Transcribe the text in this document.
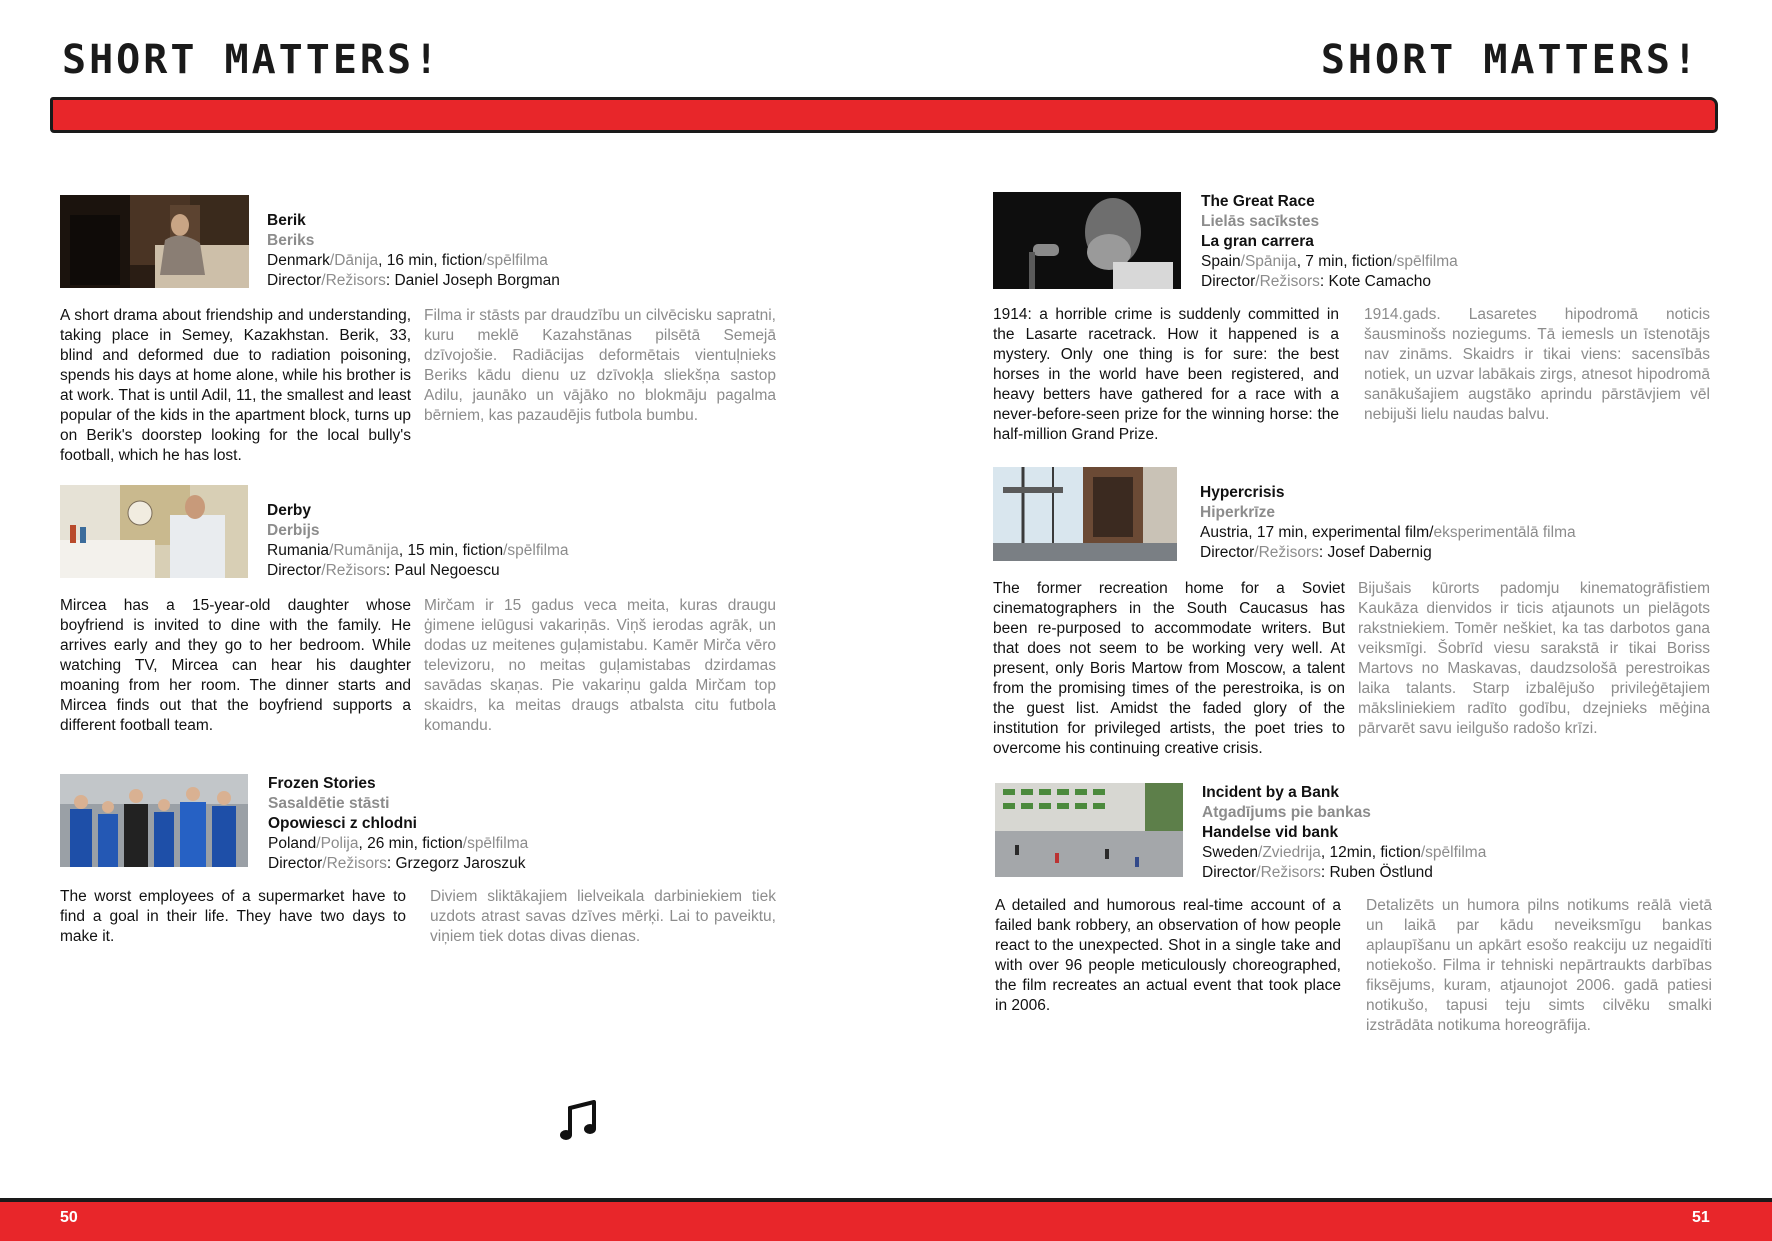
SHORT MATTERS!	SHORT MATTERS!
Berik
Beriks
Denmark/Dānija, 16 min, fiction/spēlfilma
Director/Režisors: Daniel Joseph Borgman
A short drama about friendship and understanding, taking place in Semey, Kazakhstan. Berik, 33, blind and deformed due to radiation poisoning, spends his days at home alone, while his brother is at work. That is until Adil, 11, the smallest and least popular of the kids in the apartment block, turns up on Berik's doorstep looking for the local bully's football, which he has lost.
Filma ir stāsts par draudzību un cilvēcisku sapratni, kuru meklē Kazahstānas pilsētā Semejā dzīvojošie. Radiācijas deformētais vientuļnieks Beriks kādu dienu uz dzīvokļa sliekšņa sastop Adilu, jaunāko un vājāko no blokmāju pagalma bērniem, kas pazaudējis futbola bumbu.
Derby
Derbijs
Rumania/Rumānija, 15 min, fiction/spēlfilma
Director/Režisors: Paul Negoescu
Mircea has a 15-year-old daughter whose boyfriend is invited to dine with the family. He arrives early and they go to her bedroom. While watching TV, Mircea can hear his daughter moaning from her room. The dinner starts and Mircea finds out that the boyfriend supports a different football team.
Mirčam ir 15 gadus veca meita, kuras draugu ģimene ielūgusi vakariņās. Viņš ierodas agrāk, un dodas uz meitenes guļamistabu. Kamēr Mirča vēro televizoru, no meitas guļamistabas dzirdamas savādas skaņas. Pie vakariņu galda Mirčam top skaidrs, ka meitas draugs atbalsta citu futbola komandu.
Frozen Stories
Sasaldētie stāsti
Opowiesci z chlodni
Poland/Polija, 26 min, fiction/spēlfilma
Director/Režisors: Grzegorz Jaroszuk
The worst employees of a supermarket have to find a goal in their life. They have two days to make it.
Diviem sliktākajiem lielveikala darbiniekiem tiek uzdots atrast savas dzīves mērķi. Lai to paveiktu, viņiem tiek dotas divas dienas.
The Great Race
Lielās sacīkstes
La gran carrera
Spain/Spānija, 7 min, fiction/spēlfilma
Director/Režisors: Kote Camacho
1914: a horrible crime is suddenly committed in the Lasarte racetrack. How it happened is a mystery. Only one thing is for sure: the best horses in the world have been registered, and heavy betters have gathered for a race with a never-before-seen prize for the winning horse: the half-million Grand Prize.
1914.gads. Lasaretes hipodromā noticis šausminošs noziegums. Tā iemesls un īstenotājs nav zināms. Skaidrs ir tikai viens: sacensībās notiek, un uzvar labākais zirgs, atnesot hipodromā sanākušajiem augstāko aprindu pārstāvjiem vēl nebijuši lielu naudas balvu.
Hypercrisis
Hiperkrīze
Austria, 17 min, experimental film/eksperimentālā filma
Director/Režisors: Josef Dabernig
The former recreation home for a Soviet cinematographers in the South Caucasus has been re-purposed to accommodate writers. But that does not seem to be working very well. At present, only Boris Martow from Moscow, a talent from the promising times of the perestroika, is on the guest list. Amidst the faded glory of the institution for privileged artists, the poet tries to overcome his continuing creative crisis.
Bijušais kūrorts padomju kinematogrāfistiem Kaukāza dienvidos ir ticis atjaunots un pielāgots rakstniekiem. Tomēr neškiet, ka tas darbotos gana veiksmīgi. Šobrīd viesu sarakstā ir tikai Boriss Martovs no Maskavas, daudzsološā perestroikas laika talants. Starp izbalējušo privileģētajiem māksliniekiem radīto godību, dzejnieks mēģina pārvarēt savu ieilgušo radošo krīzi.
Incident by a Bank
Atgadījums pie bankas
Handelse vid bank
Sweden/Zviedrija, 12min, fiction/spēlfilma
Director/Režisors: Ruben Östlund
A detailed and humorous real-time account of a failed bank robbery, an observation of how people react to the unexpected. Shot in a single take and with over 96 people meticulously choreographed, the film recreates an actual event that took place in 2006.
Detalizēts un humora pilns notikums reālā vietā un laikā par kādu neveiksmīgu bankas aplaupīšanu un apkārt esošo reakciju uz negaidīti notiekošo. Filma ir tehniski nepārtraukts darbības fiksējums, kuram, atjaunojot 2006. gadā patiesi notikušo, tapusi teju simts cilvēku smalki izstrādāta notikuma horeogrāfija.
50	51
